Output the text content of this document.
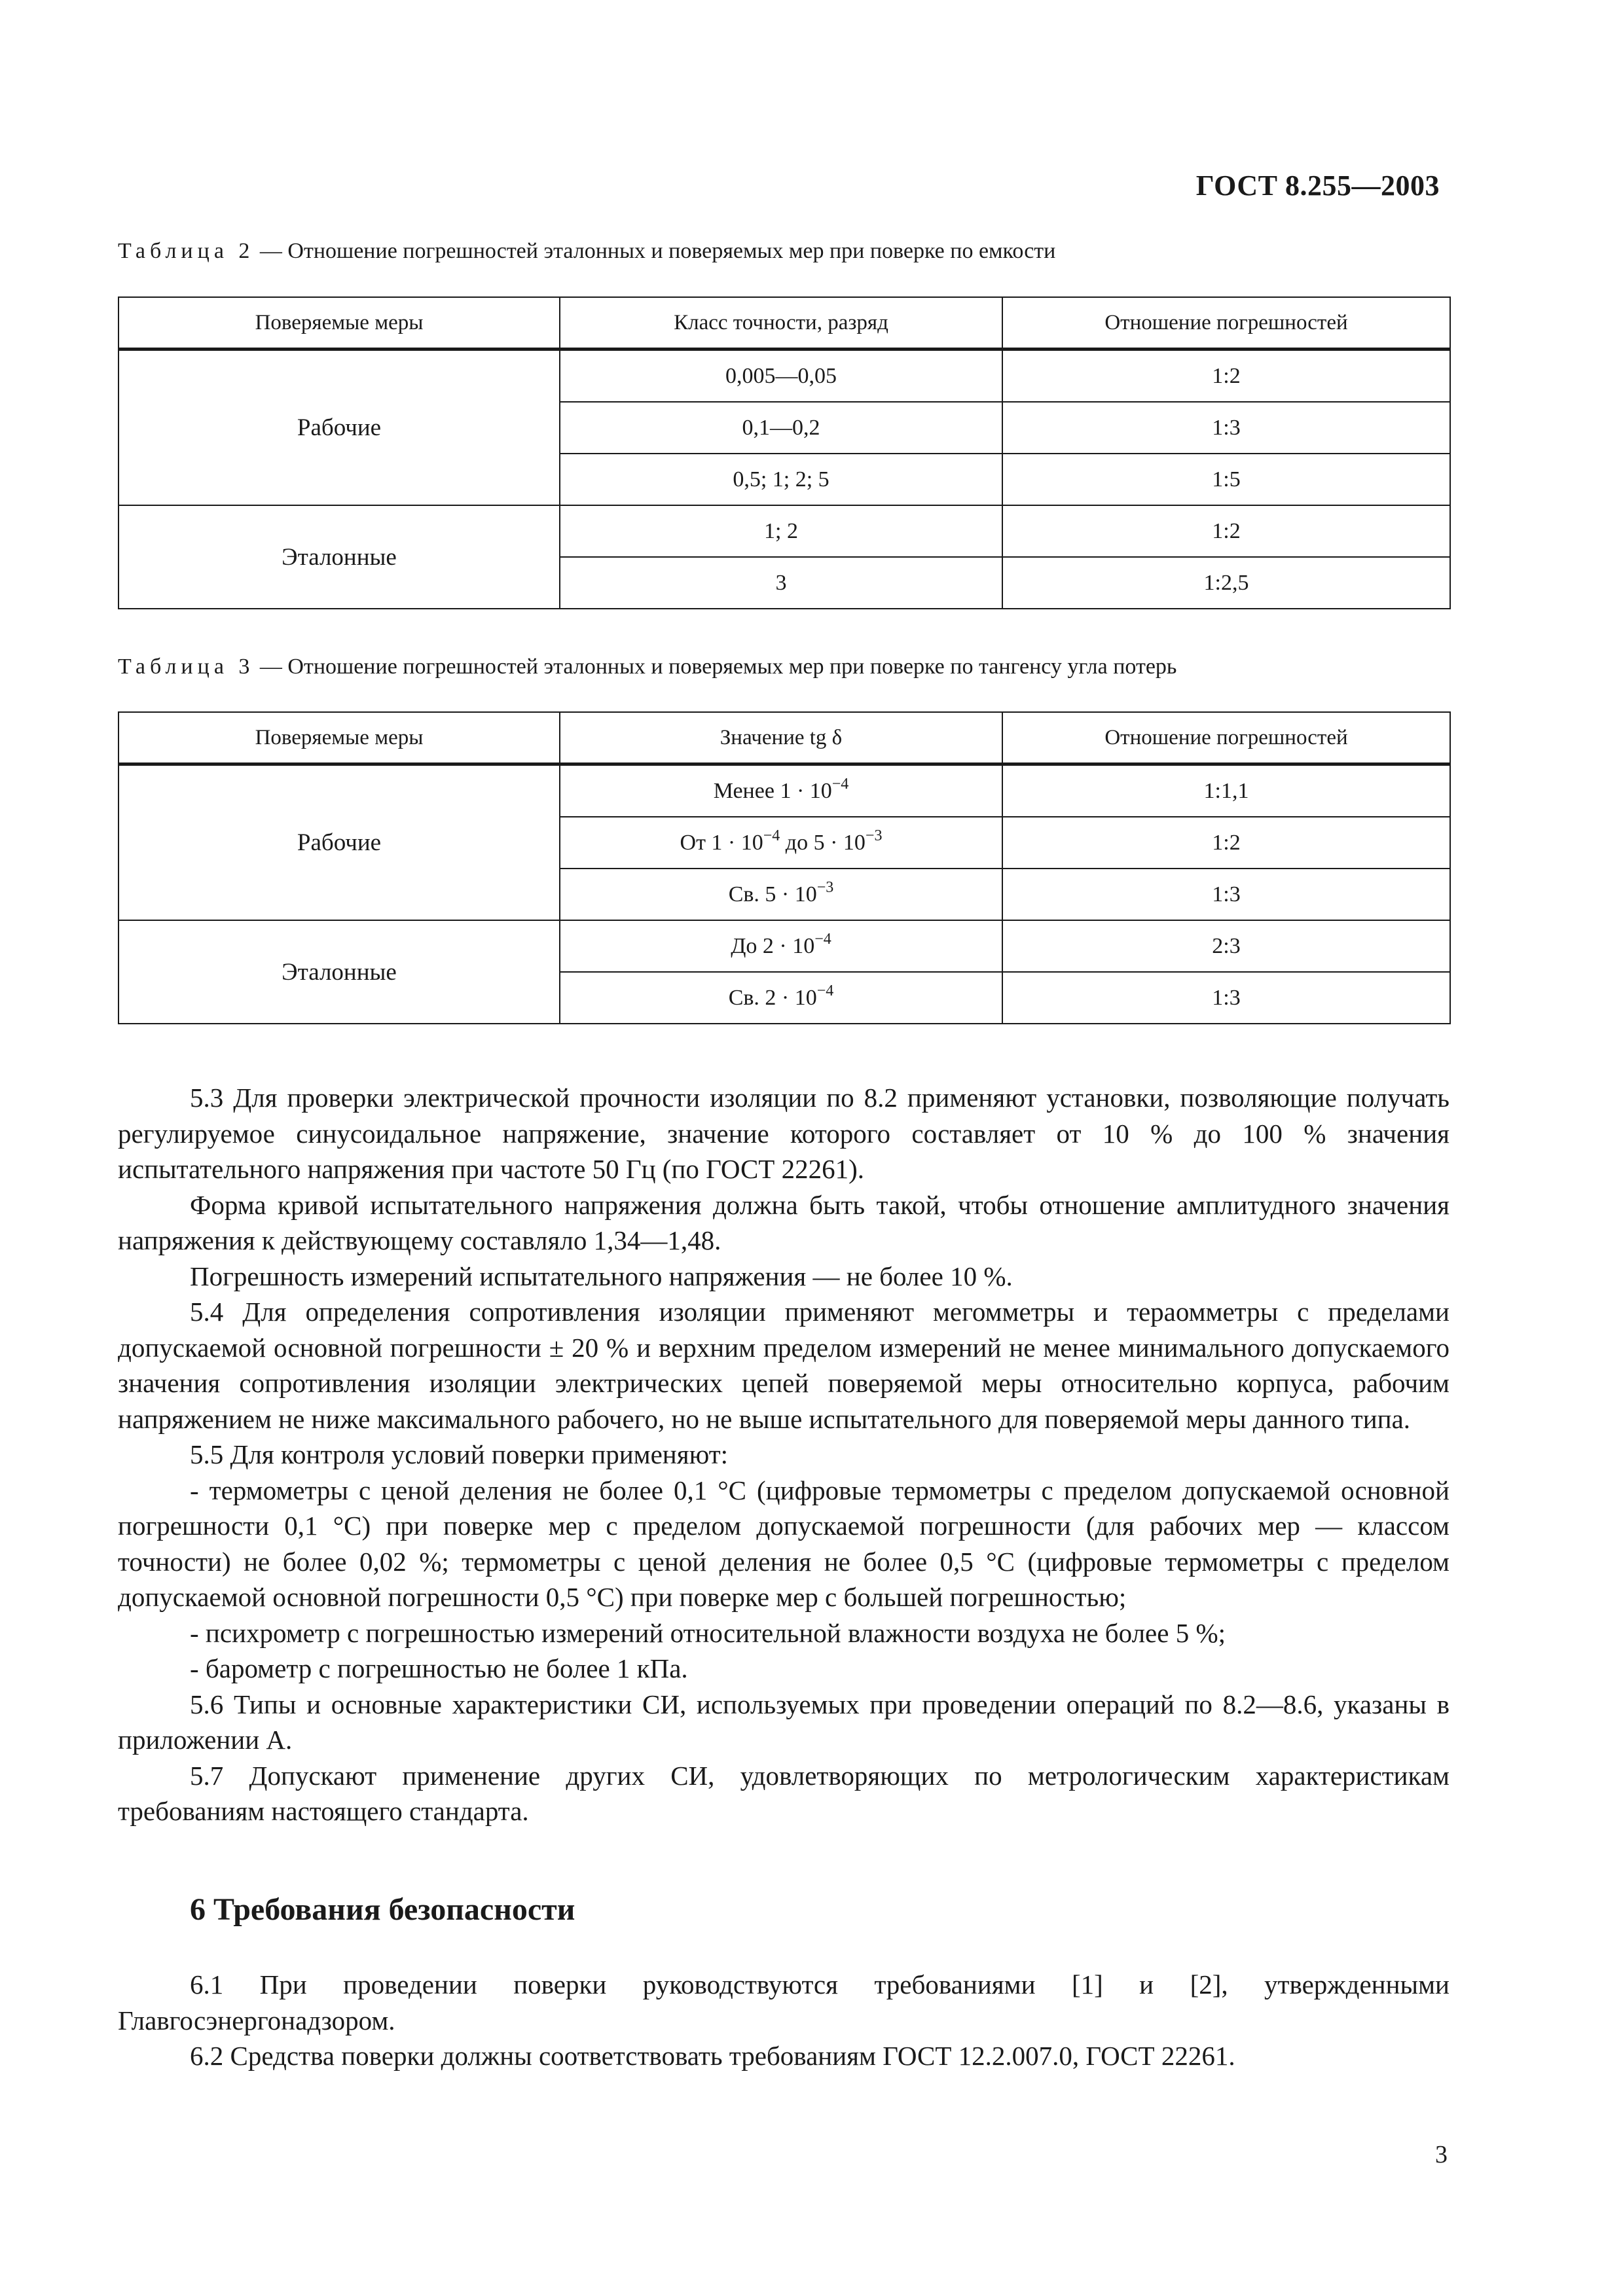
ГОСТ 8.255—2003
Таблица 2 — Отношение погрешностей эталонных и поверяемых мер при поверке по емкости
Поверяемые меры	Класс точности, разряд	Отношение погрешностей
Рабочие	0,005—0,05	1:2
	0,1—0,2	1:3
	0,5; 1; 2; 5	1:5
Эталонные	1; 2	1:2
	3	1:2,5
Таблица 3 — Отношение погрешностей эталонных и поверяемых мер при поверке по тангенсу угла потерь
Поверяемые меры	Значение tg δ	Отношение погрешностей
Рабочие	Менее $1 \cdot 10^{-4}$	1:1,1
	От $1 \cdot 10^{-4}$ до $5 \cdot 10^{-3}$	1:2
	Св. $5 \cdot 10^{-3}$	1:3
Эталонные	До $2 \cdot 10^{-4}$	2:3
	Св. $2 \cdot 10^{-4}$	1:3

5.3 Для проверки электрической прочности изоляции по 8.2 применяют установки, позволяющие получать регулируемое синусоидальное напряжение, значение которого составляет от 10 % до 100 % значения испытательного напряжения при частоте 50 Гц (по ГОСТ 22261).

Форма кривой испытательного напряжения должна быть такой, чтобы отношение амплитудного значения напряжения к действующему составляло 1,34—1,48.

Погрешность измерений испытательного напряжения — не более 10 %.

5.4 Для определения сопротивления изоляции применяют мегомметры и тераомметры с пределами допускаемой основной погрешности ± 20 % и верхним пределом измерений не менее минимального допускаемого значения сопротивления изоляции электрических цепей поверяемой меры относительно корпуса, рабочим напряжением не ниже максимального рабочего, но не выше испытательного для поверяемой меры данного типа.

5.5 Для контроля условий поверки применяют:

- термометры с ценой деления не более 0,1 °С (цифровые термометры с пределом допускаемой основной погрешности 0,1 °С) при поверке мер с пределом допускаемой погрешности (для рабочих мер — классом точности) не более 0,02 %; термометры с ценой деления не более 0,5 °С (цифровые термометры с пределом допускаемой основной погрешности 0,5 °С) при поверке мер с большей погрешностью;

- психрометр с погрешностью измерений относительной влажности воздуха не более 5 %;

- барометр с погрешностью не более 1 кПа.

5.6 Типы и основные характеристики СИ, используемых при проведении операций по 8.2—8.6, указаны в приложении А.

5.7 Допускают применение других СИ, удовлетворяющих по метрологическим характеристикам требованиям настоящего стандарта.

6 Требования безопасности

6.1 При проведении поверки руководствуются требованиями [1] и [2], утвержденными Главгосэнергонадзором.

6.2 Средства поверки должны соответствовать требованиям ГОСТ 12.2.007.0, ГОСТ 22261.

3
